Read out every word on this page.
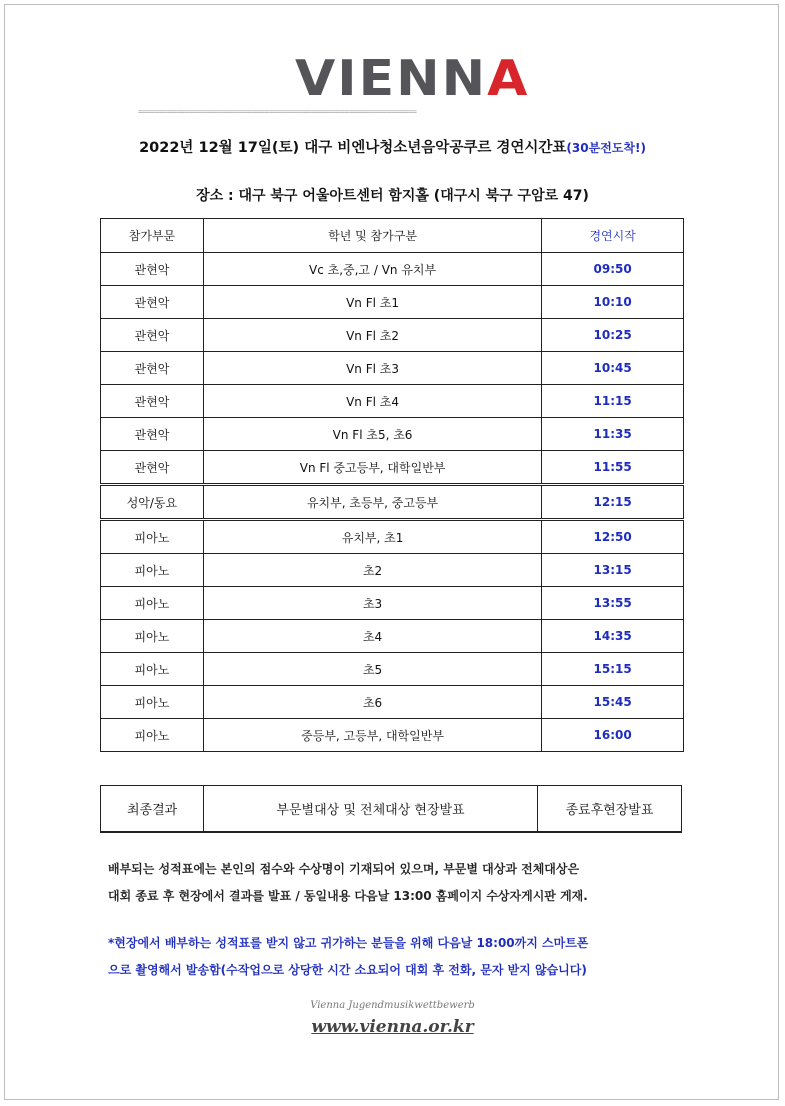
VIENNA
==================================================================
2022년 12월 17일(토) 대구 비엔나청소년음악공쿠르 경연시간표(30분전도착!)
장소 : 대구 북구 어울아트센터 함지홀 (대구시 북구 구암로 47)
참가부문	학년 및 참가구분	경연시작
관현악	Vc 초,중,고 / Vn 유치부	09:50
관현악	Vn Fl 초1	10:10
관현악	Vn Fl 초2	10:25
관현악	Vn Fl 초3	10:45
관현악	Vn Fl 초4	11:15
관현악	Vn Fl 초5, 초6	11:35
관현악	Vn Fl 중고등부, 대학일반부	11:55
성악/동요	유치부, 초등부, 중고등부	12:15
피아노	유치부, 초1	12:50
피아노	초2	13:15
피아노	초3	13:55
피아노	초4	14:35
피아노	초5	15:15
피아노	초6	15:45
피아노	중등부, 고등부, 대학일반부	16:00
최종결과	부문별대상 및 전체대상 현장발표	종료후현장발표
배부되는 성적표에는 본인의 점수와 수상명이 기재되어 있으며, 부문별 대상과 전체대상은
대회 종료 후 현장에서 결과를 발표 / 동일내용 다음날 13:00 홈페이지 수상자게시판 게재.
*현장에서 배부하는 성적표를 받지 않고 귀가하는 분들을 위해 다음날 18:00까지 스마트폰
으로 촬영해서 발송함(수작업으로 상당한 시간 소요되어 대회 후 전화, 문자 받지 않습니다)
Vienna Jugendmusikwettbewerb
www.vienna.or.kr
